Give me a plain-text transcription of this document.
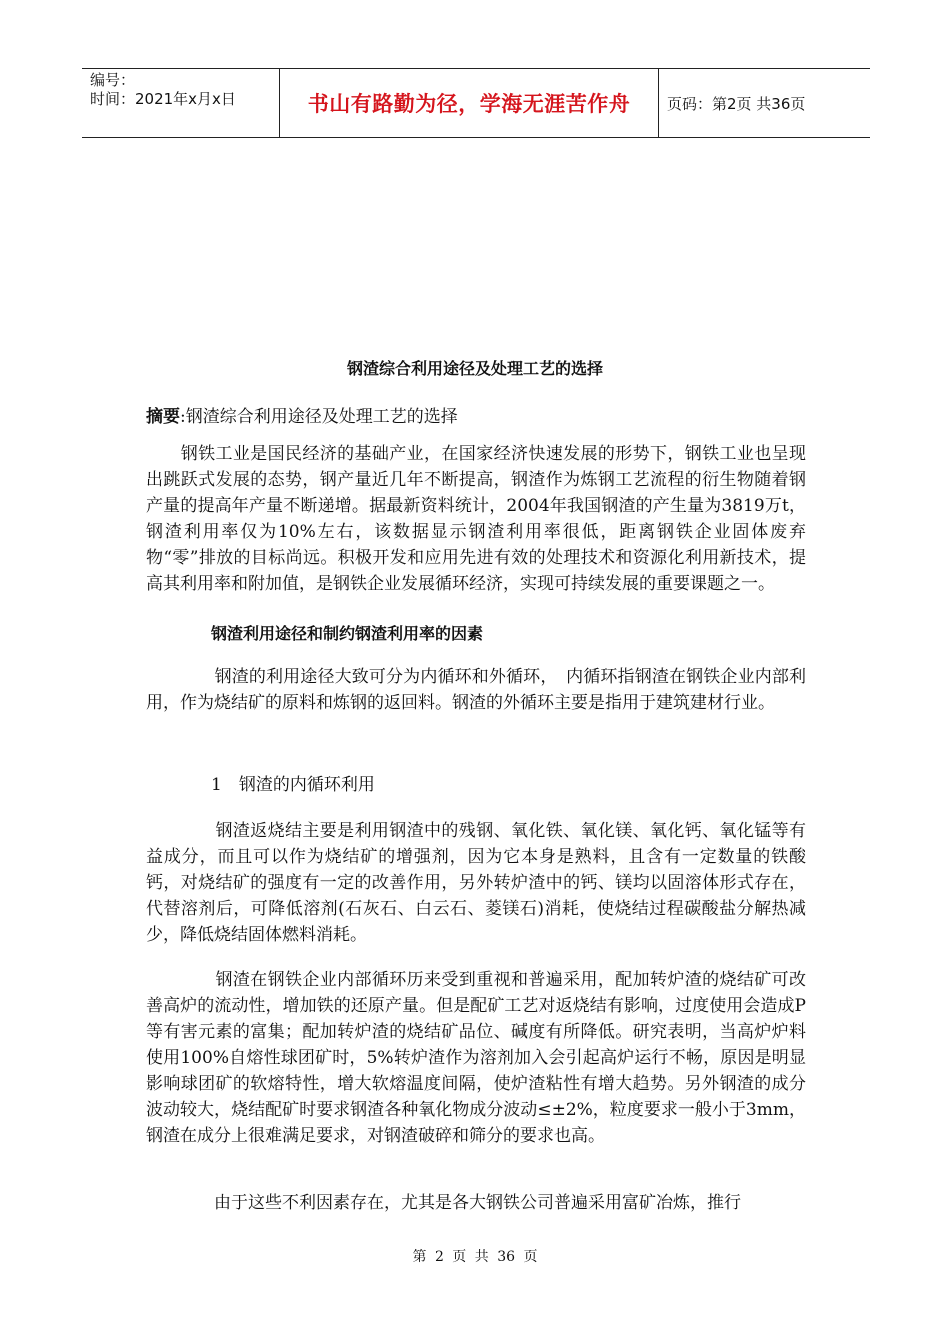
编号：
时间：2021年x月x日	书山有路勤为径，学海无涯苦作舟	页码：第2页 共36页
钢渣综合利用途径及处理工艺的选择
摘要:钢渣综合利用途径及处理工艺的选择
　　钢铁工业是国民经济的基础产业，在国家经济快速发展的形势下，钢铁工业也呈现出跳跃式发展的态势，钢产量近几年不断提高，钢渣作为炼钢工艺流程的衍生物随着钢产量的提高年产量不断递增。据最新资料统计，2004年我国钢渣的产生量为3819万t，钢渣利用率仅为10%左右，该数据显示钢渣利用率很低，距离钢铁企业固体废弃物“零”排放的目标尚远。积极开发和应用先进有效的处理技术和资源化利用新技术，提高其利用率和附加值，是钢铁企业发展循环经济，实现可持续发展的重要课题之一。
钢渣利用途径和制约钢渣利用率的因素
　　　　钢渣的利用途径大致可分为内循环和外循环，　内循环指钢渣在钢铁企业内部利用，作为烧结矿的原料和炼钢的返回料。钢渣的外循环主要是指用于建筑建材行业。
1　钢渣的内循环利用
　　　　钢渣返烧结主要是利用钢渣中的残钢、氧化铁、氧化镁、氧化钙、氧化锰等有益成分，而且可以作为烧结矿的增强剂，因为它本身是熟料，且含有一定数量的铁酸钙，对烧结矿的强度有一定的改善作用，另外转炉渣中的钙、镁均以固溶体形式存在，代替溶剂后，可降低溶剂(石灰石、白云石、菱镁石)消耗，使烧结过程碳酸盐分解热减少，降低烧结固体燃料消耗。
　　　　钢渣在钢铁企业内部循环历来受到重视和普遍采用，配加转炉渣的烧结矿可改善高炉的流动性，增加铁的还原产量。但是配矿工艺对返烧结有影响，过度使用会造成P等有害元素的富集；配加转炉渣的烧结矿品位、碱度有所降低。研究表明，当高炉炉料使用100%自熔性球团矿时，5%转炉渣作为溶剂加入会引起高炉运行不畅，原因是明显影响球团矿的软熔特性，增大软熔温度间隔，使炉渣粘性有增大趋势。另外钢渣的成分波动较大，烧结配矿时要求钢渣各种氧化物成分波动≤±2%，粒度要求一般小于3mm，钢渣在成分上很难满足要求，对钢渣破碎和筛分的要求也高。
　　　　由于这些不利因素存在，尤其是各大钢铁公司普遍采用富矿冶炼，推行
第 2 页 共 36 页
